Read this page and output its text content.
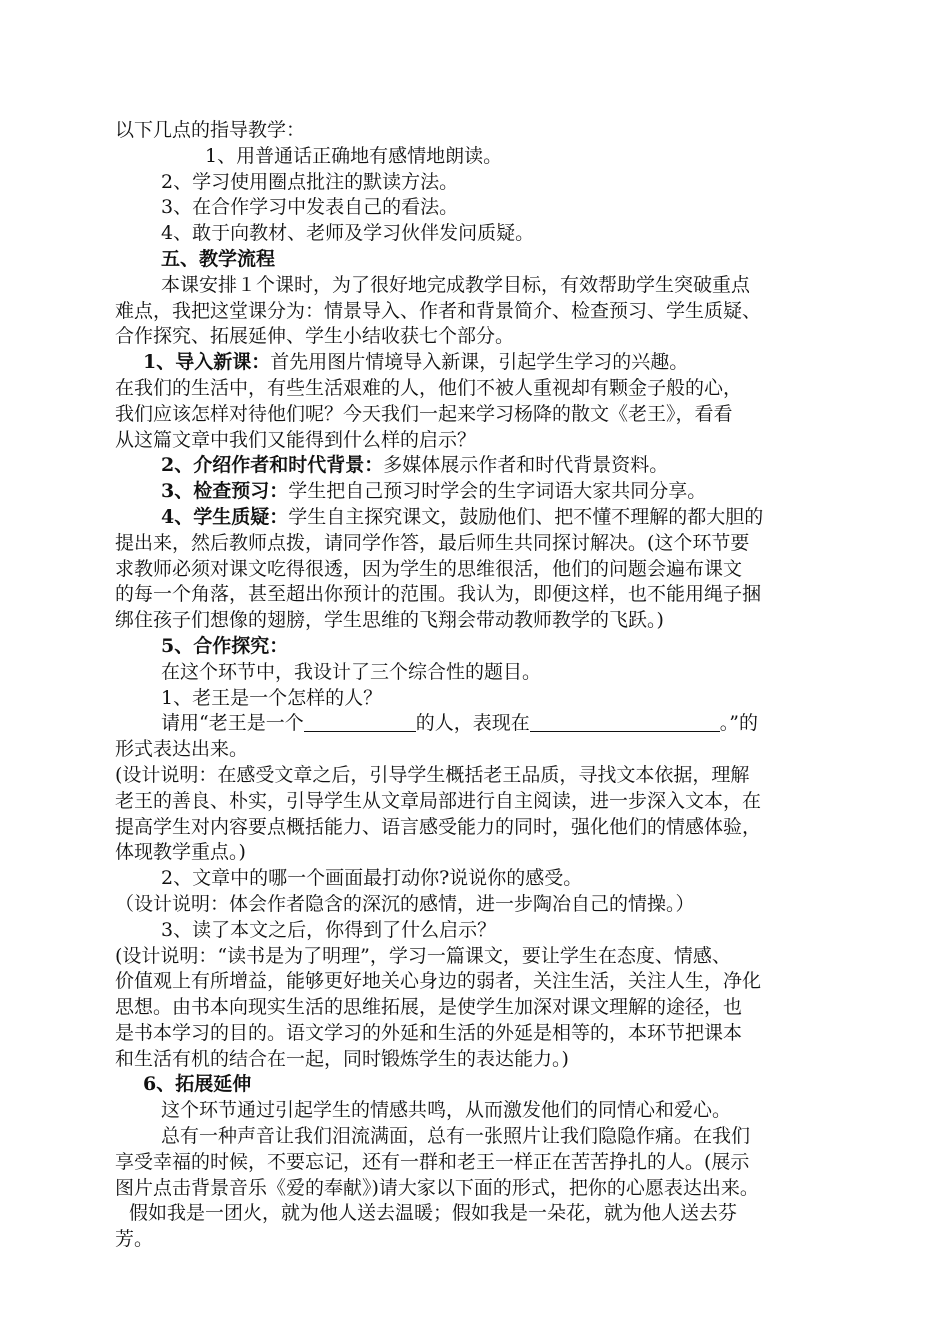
以下几点的指导教学：
1、用普通话正确地有感情地朗读。
2、学习使用圈点批注的默读方法。
3、在合作学习中发表自己的看法。
4、敢于向教材、老师及学习伙伴发问质疑。
五、教学流程
本课安排１个课时，为了很好地完成教学目标，有效帮助学生突破重点
难点，我把这堂课分为：情景导入、作者和背景简介、检查预习、学生质疑、
合作探究、拓展延伸、学生小结收获七个部分。
1、导入新课：首先用图片情境导入新课，引起学生学习的兴趣。
在我们的生活中，有些生活艰难的人，他们不被人重视却有颗金子般的心，
我们应该怎样对待他们呢？今天我们一起来学习杨降的散文《老王》，看看
从这篇文章中我们又能得到什么样的启示？
2、介绍作者和时代背景：多媒体展示作者和时代背景资料。
3、检查预习：学生把自己预习时学会的生字词语大家共同分享。
4、学生质疑：学生自主探究课文，鼓励他们、把不懂不理解的都大胆的
提出来，然后教师点拨，请同学作答，最后师生共同探讨解决。(这个环节要
求教师必须对课文吃得很透，因为学生的思维很活，他们的问题会遍布课文
的每一个角落，甚至超出你预计的范围。我认为，即便这样，也不能用绳子捆
绑住孩子们想像的翅膀，学生思维的飞翔会带动教师教学的飞跃。)
5、合作探究：
在这个环节中，我设计了三个综合性的题目。
1、老王是一个怎样的人？
请用“老王是一个	的人，表现在	。”的
形式表达出来。
(设计说明：在感受文章之后，引导学生概括老王品质，寻找文本依据，理解
老王的善良、朴实，引导学生从文章局部进行自主阅读，进一步深入文本，在
提高学生对内容要点概括能力、语言感受能力的同时，强化他们的情感体验，
体现教学重点。)
2、文章中的哪一个画面最打动你?说说你的感受。
（设计说明：体会作者隐含的深沉的感情，进一步陶冶自己的情操。）
3、读了本文之后，你得到了什么启示？
(设计说明：“读书是为了明理”，学习一篇课文，要让学生在态度、情感、
价值观上有所增益，能够更好地关心身边的弱者，关注生活，关注人生，净化
思想。由书本向现实生活的思维拓展，是使学生加深对课文理解的途径，也
是书本学习的目的。语文学习的外延和生活的外延是相等的，本环节把课本
和生活有机的结合在一起，同时锻炼学生的表达能力。)
6、拓展延伸
这个环节通过引起学生的情感共鸣，从而激发他们的同情心和爱心。
总有一种声音让我们泪流满面，总有一张照片让我们隐隐作痛。在我们
享受幸福的时候，不要忘记，还有一群和老王一样正在苦苦挣扎的人。(展示
图片点击背景音乐《爱的奉献》)请大家以下面的形式，把你的心愿表达出来。
假如我是一团火，就为他人送去温暖；假如我是一朵花，就为他人送去芬
芳。
